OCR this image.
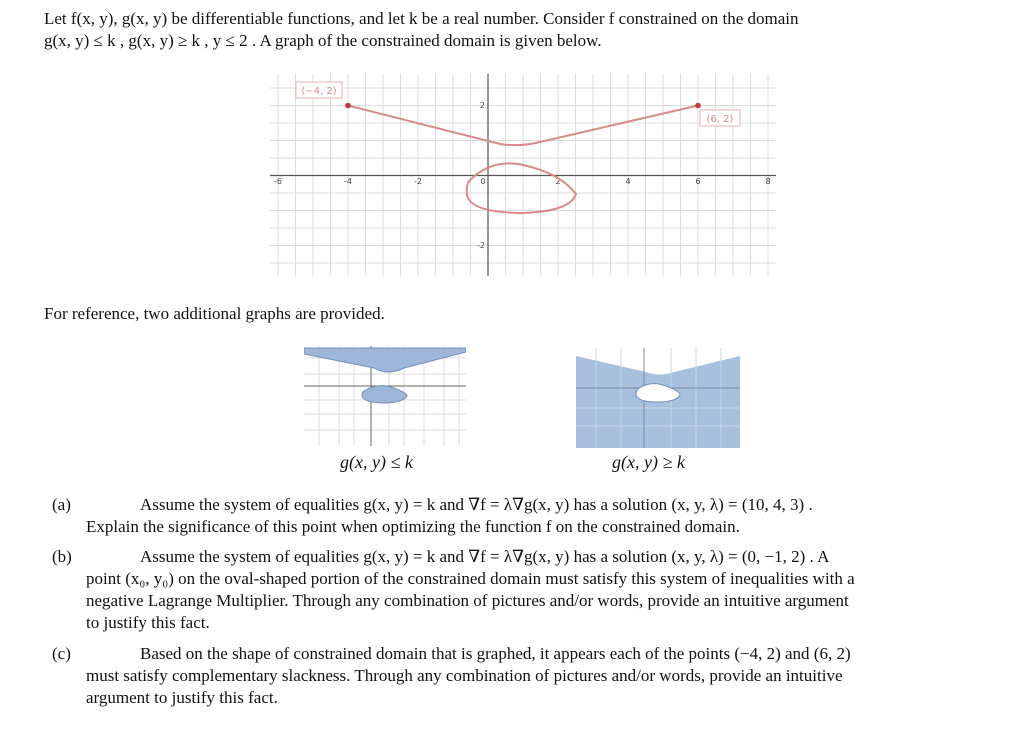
Let f(x, y), g(x, y) be differentiable functions, and let k be a real number. Consider f constrained on the domain
g(x, y) ≤ k , g(x, y) ≥ k , y ≤ 2 . A graph of the constrained domain is given below.
-6	-4	-2	0	2	4	6	8
2
-2
(−4, 2)
(6, 2)
For reference, two additional graphs are provided.
g(x, y) ≤ k	g(x, y) ≥ k
(a)	Assume the system of equalities g(x, y) = k and ∇f = λ∇g(x, y) has a solution (x, y, λ) = (10, 4, 3) .
Explain the significance of this point when optimizing the function f on the constrained domain.
(b)	Assume the system of equalities g(x, y) = k and ∇f = λ∇g(x, y) has a solution (x, y, λ) = (0, −1, 2) . A
point (x₀, y₀) on the oval-shaped portion of the constrained domain must satisfy this system of inequalities with a
negative Lagrange Multiplier. Through any combination of pictures and/or words, provide an intuitive argument
to justify this fact.
(c)	Based on the shape of constrained domain that is graphed, it appears each of the points (−4, 2) and (6, 2)
must satisfy complementary slackness. Through any combination of pictures and/or words, provide an intuitive
argument to justify this fact.
